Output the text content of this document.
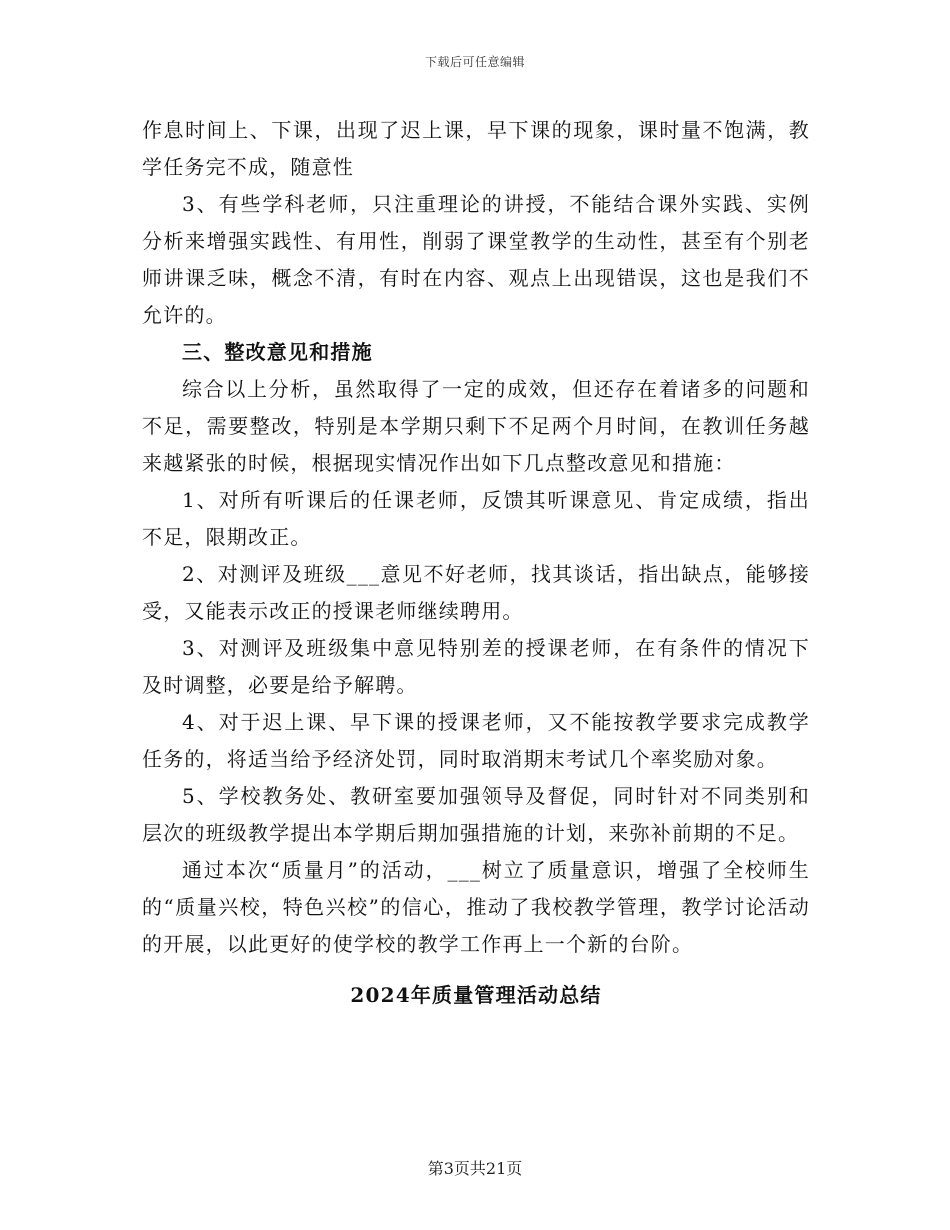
下载后可任意编辑

作息时间上、下课，出现了迟上课，早下课的现象，课时量不饱满，教学任务完不成，随意性

3、有些学科老师，只注重理论的讲授，不能结合课外实践、实例分析来增强实践性、有用性，削弱了课堂教学的生动性，甚至有个别老师讲课乏味，概念不清，有时在内容、观点上出现错误，这也是我们不允许的。

三、整改意见和措施

综合以上分析，虽然取得了一定的成效，但还存在着诸多的问题和不足，需要整改，特别是本学期只剩下不足两个月时间，在教训任务越来越紧张的时候，根据现实情况作出如下几点整改意见和措施：

1、对所有听课后的任课老师，反馈其听课意见、肯定成绩，指出不足，限期改正。

2、对测评及班级___意见不好老师，找其谈话，指出缺点，能够接受，又能表示改正的授课老师继续聘用。

3、对测评及班级集中意见特别差的授课老师，在有条件的情况下及时调整，必要是给予解聘。

4、对于迟上课、早下课的授课老师，又不能按教学要求完成教学任务的，将适当给予经济处罚，同时取消期末考试几个率奖励对象。

5、学校教务处、教研室要加强领导及督促，同时针对不同类别和层次的班级教学提出本学期后期加强措施的计划，来弥补前期的不足。

通过本次“质量月”的活动，___树立了质量意识，增强了全校师生的“质量兴校，特色兴校”的信心，推动了我校教学管理，教学讨论活动的开展，以此更好的使学校的教学工作再上一个新的台阶。

2024年质量管理活动总结

第3页共21页
